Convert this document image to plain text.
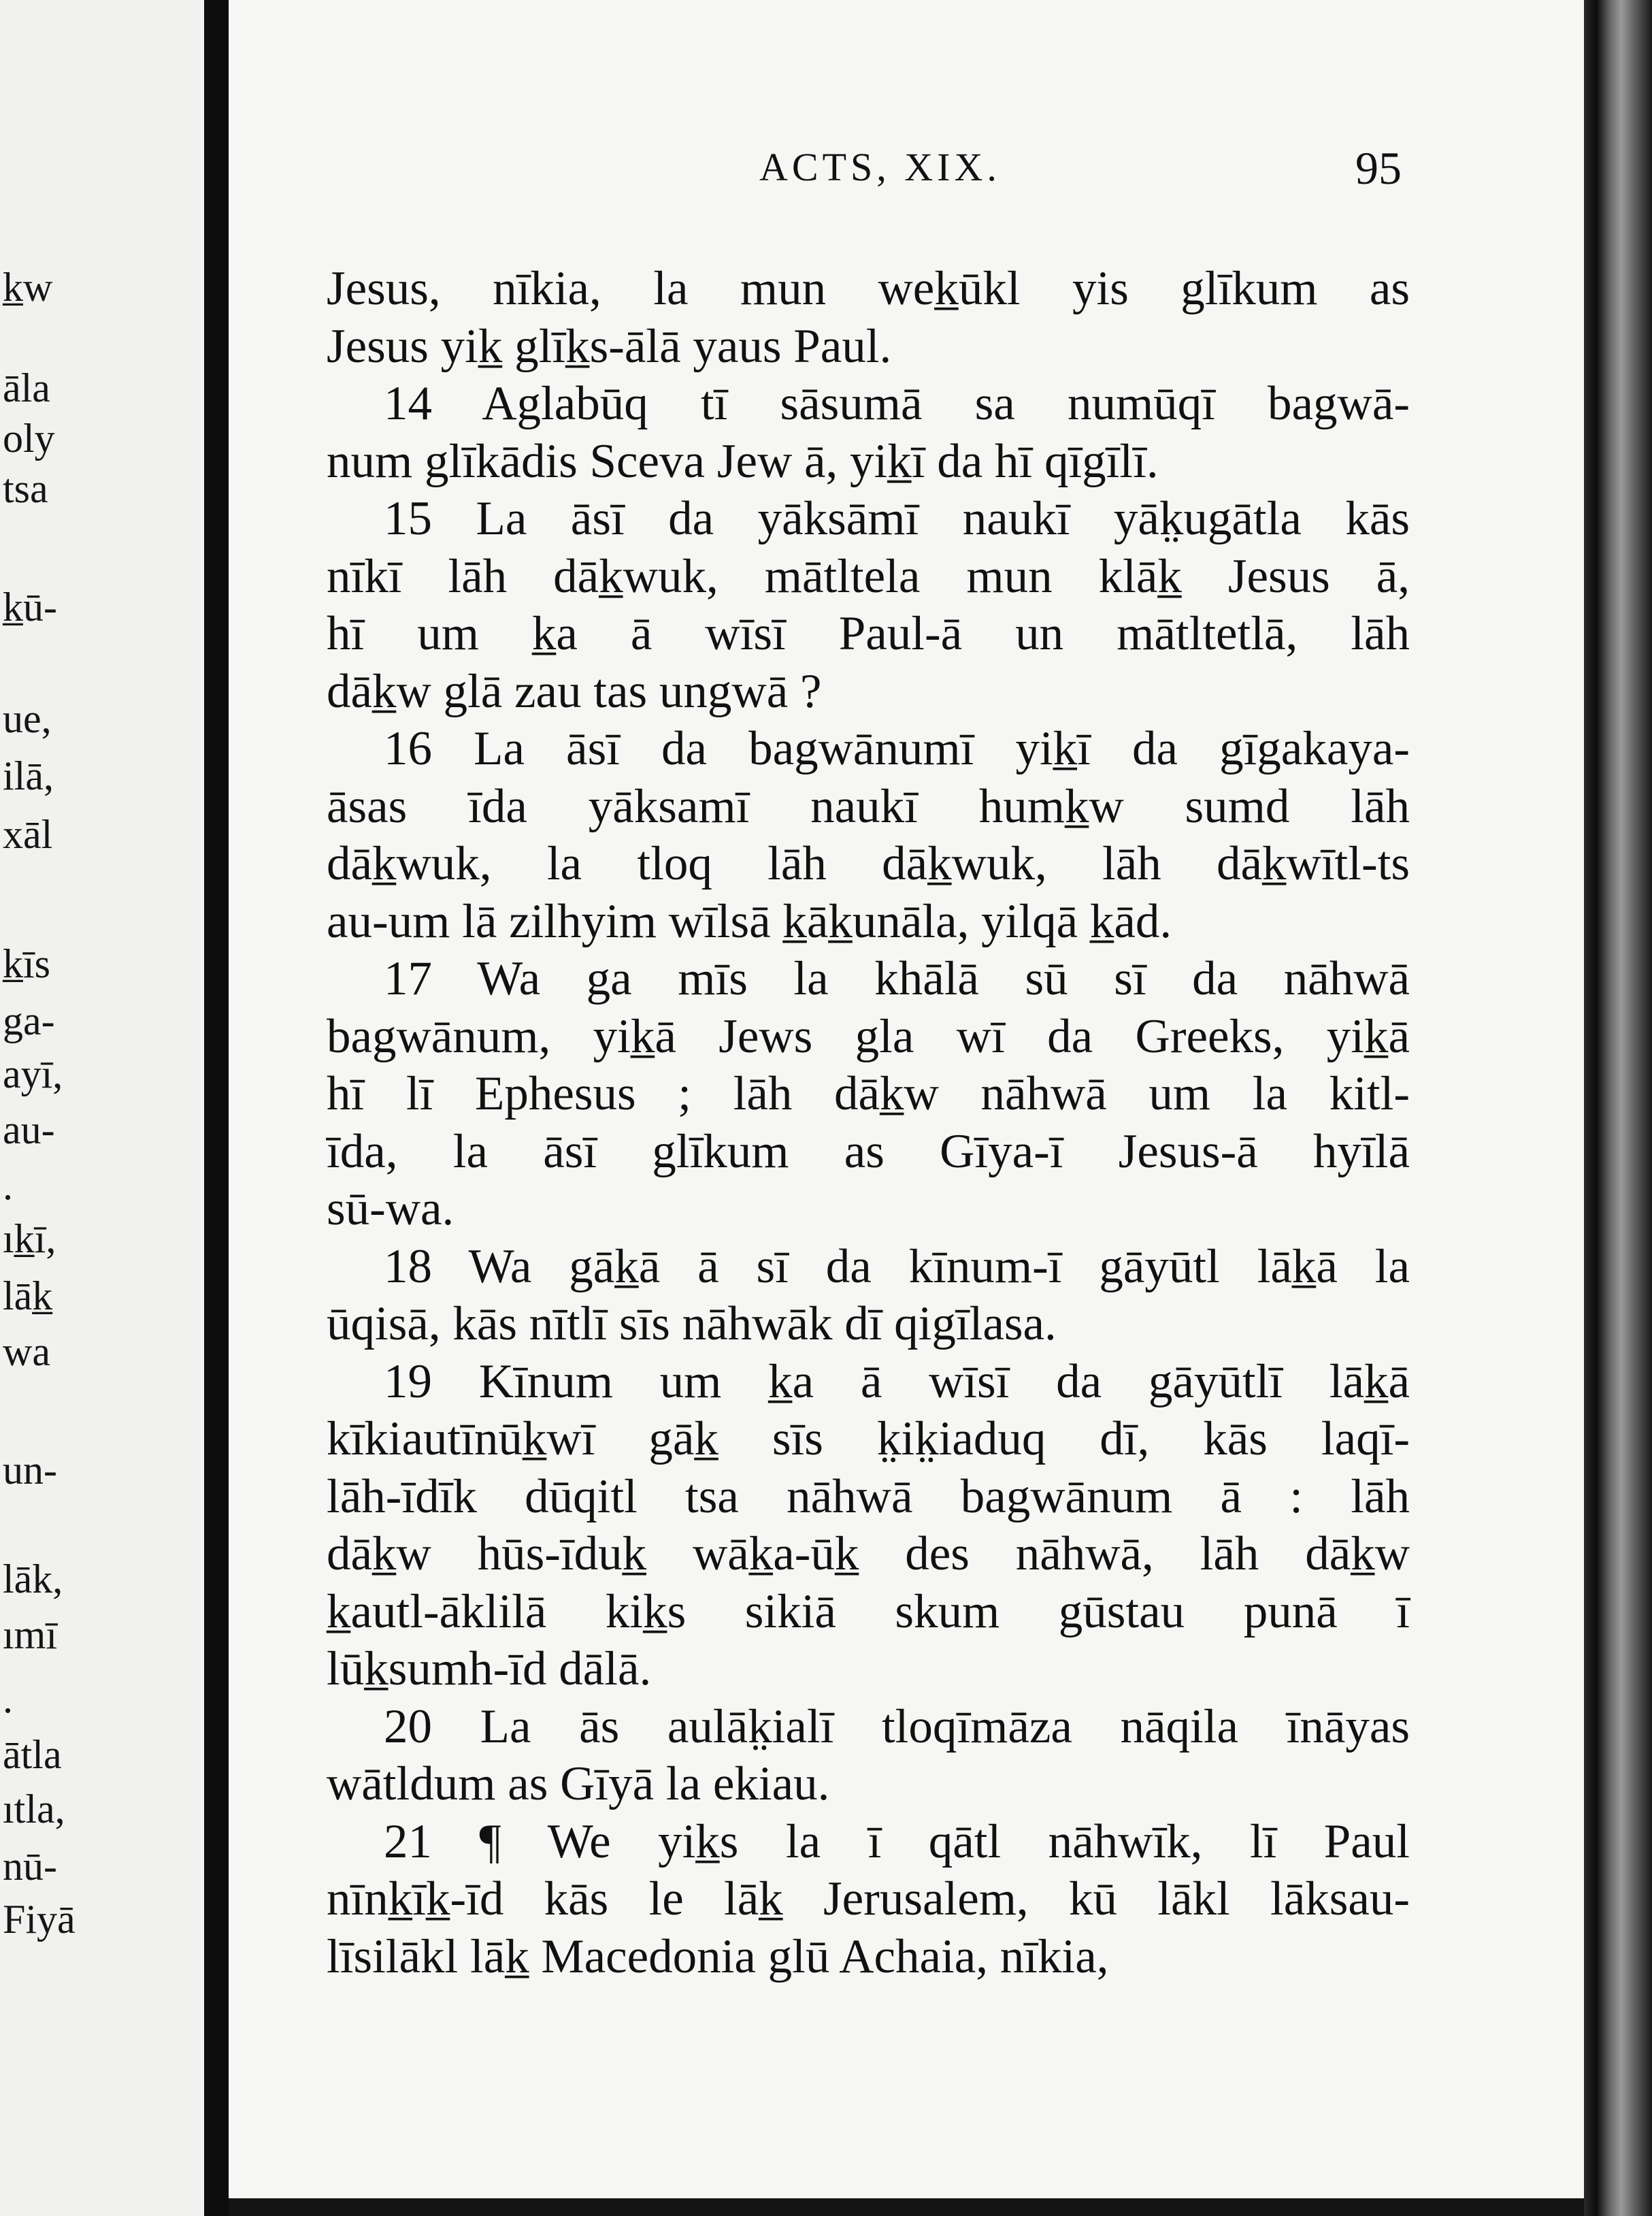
k̲w
āla
oly
tsa
k̲ū-
ue,
ilā,
xāl
k̲īs
ga-
ayī,
au-
.
ık̲ī,
lāk̲
wa
un-
lāk,
ımī
.
ātla
ıtla,
nū-
Fiyā
ACTS, XIX.	95
Jesus, nīkia, la mun wek̲ūkl yis glīkum as
Jesus yik̲ glīk̲s-ālā yaus Paul.
14 Aglabūq tī sāsumā sa numūqī bagwā-
num glīkādis Sceva Jew ā, yik̲ī da hī qīgīlī.
15 La āsī da yāksāmī naukī yāk̤ugātla kās
nīkī lāh dāk̲wuk, mātltela mun klāk̲ Jesus ā,
hī um k̲a ā wīsī Paul-ā un mātltetlā, lāh
dāk̲w glā zau tas ungwā ?
16 La āsī da bagwānumī yik̲ī da gīgakaya-
āsas īda yāksamī naukī humk̲w sumd lāh
dāk̲wuk, la tloq lāh dāk̲wuk, lāh dāk̲wītl-ts
au-um lā zilhyim wīlsā k̲āk̲unāla, yilqā k̲ād.
17 Wa ga mīs la khālā sū sī da nāhwā
bagwānum, yik̲ā Jews gla wī da Greeks, yik̲ā
hī lī Ephesus ; lāh dāk̲w nāhwā um la kitl-
īda, la āsī glīkum as Gīya-ī Jesus-ā hyīlā
sū-wa.
18 Wa gāk̲ā ā sī da kīnum-ī gāyūtl lāk̲ā la
ūqisā, kās nītlī sīs nāhwāk dī qigīlasa.
19 Kīnum um k̲a ā wīsī da gāyūtlī lāk̲ā
kīkiautīnūk̲wī gāk̲ sīs k̤ik̤iaduq dī, kās laqī-
lāh-īdīk dūqitl tsa nāhwā bagwānum ā : lāh
dāk̲w hūs-īduk̲ wāk̲a-ūk̲ des nāhwā, lāh dāk̲w
k̲autl-āklilā kik̲s sikiā skum gūstau punā ī
lūk̲sumh-īd dālā.
20 La ās aulāk̤ialī tloqīmāza nāqila īnāyas
wātldum as Gīyā la ekiau.
21 ¶ We yik̲s la ī qātl nāhwīk, lī Paul
nīnk̲īk̲-īd kās le lāk̲ Jerusalem, kū lākl lāksau-
līsilākl lāk̲ Macedonia glū Achaia, nīkia,
